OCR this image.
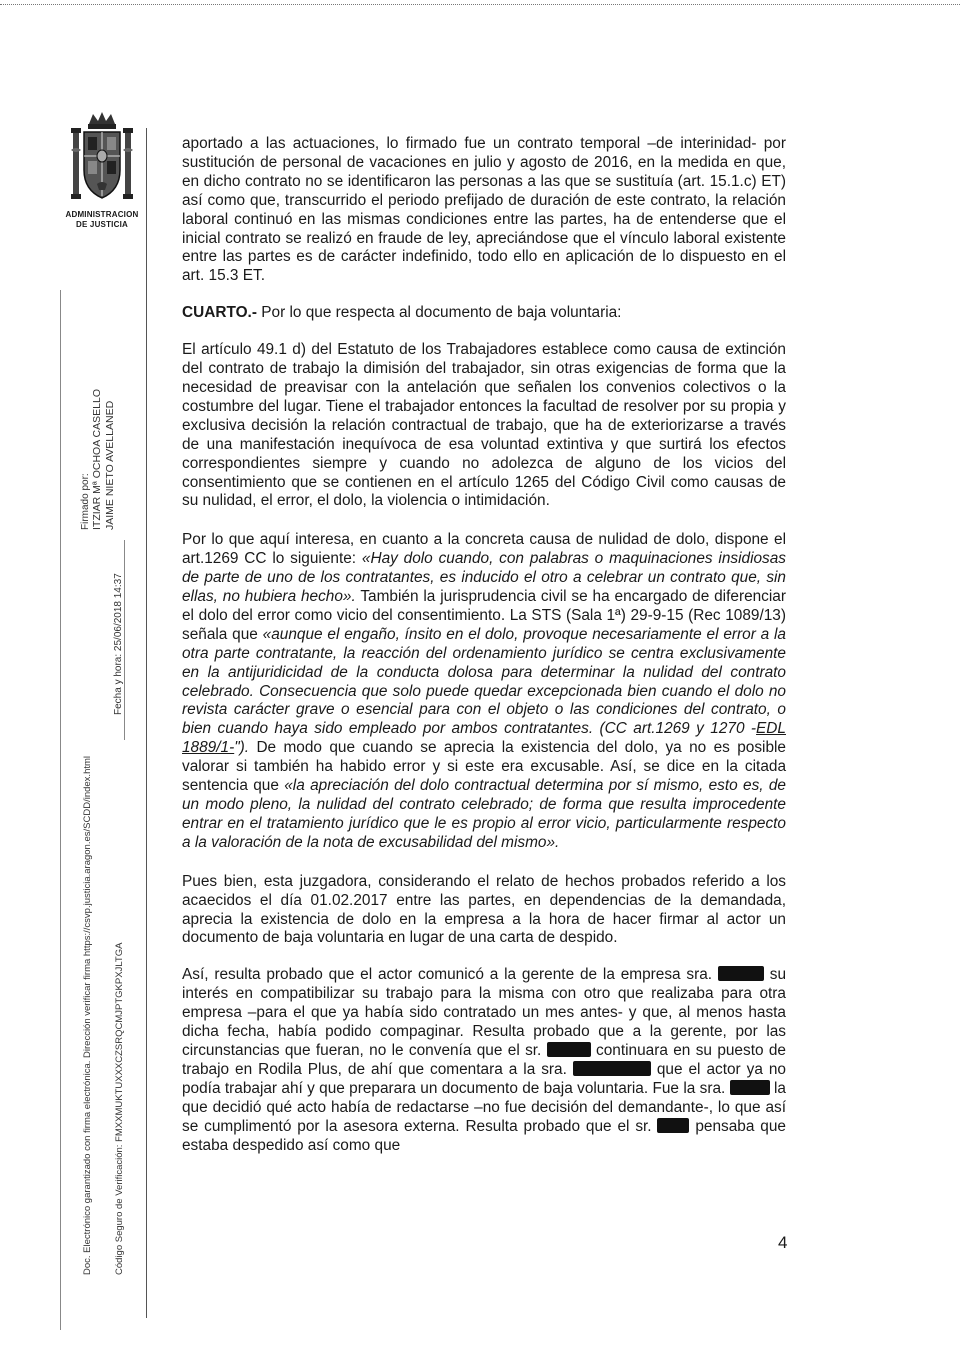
ADMINISTRACION
DE JUSTICIA
Firmado por: ITZIAR Mª OCHOA CASELLO JAIME NIETO AVELLANED
Fecha y hora: 25/06/2018 14:37
Doc. Electrónico garantizado con firma electrónica. Dirección verificar firma https://csvp.justicia.aragon.es/SCDD/index.html Código Seguro de Verificación: FMXXMUKTUXXXCZSRQCMJPTGKPXJLTGA

aportado a las actuaciones, lo firmado fue un contrato temporal –de interinidad- por sustitución de personal de vacaciones en julio y agosto de 2016, en la medida en que, en dicho contrato no se identificaron las personas a las que se sustituía (art. 15.1.c) ET) así como que, transcurrido el periodo prefijado de duración de este contrato, la relación laboral continuó en las mismas condiciones entre las partes, ha de entenderse que el inicial contrato se realizó en fraude de ley, apreciándose que el vínculo laboral existente entre las partes es de carácter indefinido, todo ello en aplicación de lo dispuesto en el art. 15.3 ET.

CUARTO.- Por lo que respecta al documento de baja voluntaria:

El artículo 49.1 d) del Estatuto de los Trabajadores establece como causa de extinción del contrato de trabajo la dimisión del trabajador, sin otras exigencias de forma que la necesidad de preavisar con la antelación que señalen los convenios colectivos o la costumbre del lugar. Tiene el trabajador entonces la facultad de resolver por su propia y exclusiva decisión la relación contractual de trabajo, que ha de exteriorizarse a través de una manifestación inequívoca de esa voluntad extintiva y que surtirá los efectos correspondientes siempre y cuando no adolezca de alguno de los vicios del consentimiento que se contienen en el artículo 1265 del Código Civil como causas de su nulidad, el error, el dolo, la violencia o intimidación.

Por lo que aquí interesa, en cuanto a la concreta causa de nulidad de dolo, dispone el art.1269 CC lo siguiente: «Hay dolo cuando, con palabras o maquinaciones insidiosas de parte de uno de los contratantes, es inducido el otro a celebrar un contrato que, sin ellas, no hubiera hecho». También la jurisprudencia civil se ha encargado de diferenciar el dolo del error como vicio del consentimiento. La STS (Sala 1ª) 29-9-15 (Rec 1089/13) señala que «aunque el engaño, ínsito en el dolo, provoque necesariamente el error a la otra parte contratante, la reacción del ordenamiento jurídico se centra exclusivamente en la antijuridicidad de la conducta dolosa para determinar la nulidad del contrato celebrado. Consecuencia que solo puede quedar excepcionada bien cuando el dolo no revista carácter grave o esencial para con el objeto o las condiciones del contrato, o bien cuando haya sido empleado por ambos contratantes. (CC art.1269 y 1270 -EDL 1889/1-"). De modo que cuando se aprecia la existencia del dolo, ya no es posible valorar si también ha habido error y si este era excusable. Así, se dice en la citada sentencia que «la apreciación del dolo contractual determina por sí mismo, esto es, de un modo pleno, la nulidad del contrato celebrado; de forma que resulta improcedente entrar en el tratamiento jurídico que le es propio al error vicio, particularmente respecto a la valoración de la nota de excusabilidad del mismo».

Pues bien, esta juzgadora, considerando el relato de hechos probados referido a los acaecidos el día 01.02.2017 entre las partes, en dependencias de la demandada, aprecia la existencia de dolo en la empresa a la hora de hacer firmar al actor un documento de baja voluntaria en lugar de una carta de despido.

Así, resulta probado que el actor comunicó a la gerente de la empresa sra.	su interés en compatibilizar su trabajo para la misma con otro que realizaba para otra empresa –para el que ya había sido contratado un mes antes- y que, al menos hasta dicha fecha, había podido compaginar. Resulta probado que a la gerente, por las circunstancias que fueran, no le convenía que el sr.	continuara en su puesto de trabajo en Rodila Plus, de ahí que comentara a la sra.	que el actor ya no podía trabajar ahí y que preparara un documento de baja voluntaria. Fue la sra.	la que decidió qué acto había de redactarse –no fue decisión del demandante-, lo que así se cumplimentó por la asesora externa. Resulta probado que el sr.  pensaba que estaba despedido así como que

4
